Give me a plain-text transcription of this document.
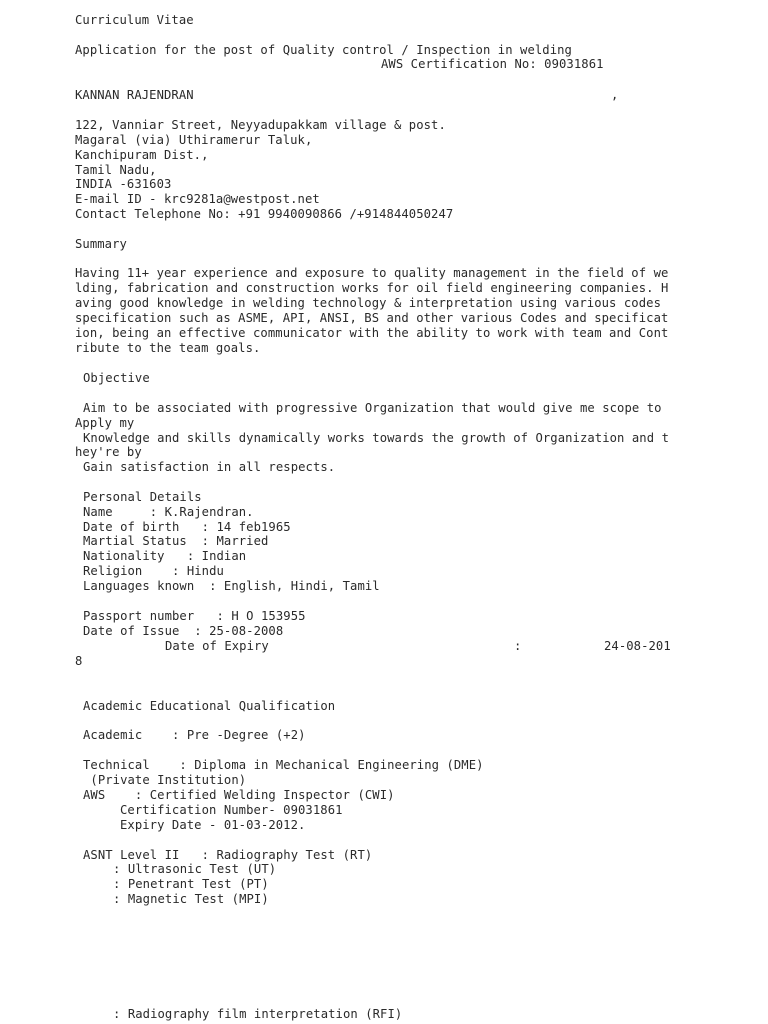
Curriculum Vitae
Application for the post of Quality control / Inspection in welding
AWS Certification No: 09031861
KANNAN RAJENDRAN	,
122, Vanniar Street, Neyyadupakkam village & post.
Magaral (via) Uthiramerur Taluk,
Kanchipuram Dist.,
Tamil Nadu,
INDIA -631603
E-mail ID - krc9281a@westpost.net
Contact Telephone No: +91 9940090866 /+914844050247
Summary
Having 11+ year experience and exposure to quality management in the field of we
lding, fabrication and construction works for oil field engineering companies. H
aving good knowledge in welding technology & interpretation using various codes
specification such as ASME, API, ANSI, BS and other various Codes and specificat
ion, being an effective communicator with the ability to work with team and Cont
ribute to the team goals.
Objective
Aim to be associated with progressive Organization that would give me scope to
Apply my
Knowledge and skills dynamically works towards the growth of Organization and t
hey're by
Gain satisfaction in all respects.
Personal Details
Name     : K.Rajendran.
Date of birth   : 14 feb1965
Martial Status  : Married
Nationality   : Indian
Religion    : Hindu
Languages known  : English, Hindi, Tamil
Passport number   : H O 153955
Date of Issue  : 25-08-2008
Date of Expiry	:	24-08-201
8
Academic Educational Qualification
Academic    : Pre -Degree (+2)
Technical    : Diploma in Mechanical Engineering (DME)
(Private Institution)
AWS    : Certified Welding Inspector (CWI)
Certification Number- 09031861
Expiry Date - 01-03-2012.
ASNT Level II   : Radiography Test (RT)
: Ultrasonic Test (UT)
: Penetrant Test (PT)
: Magnetic Test (MPI)
: Radiography film interpretation (RFI)
